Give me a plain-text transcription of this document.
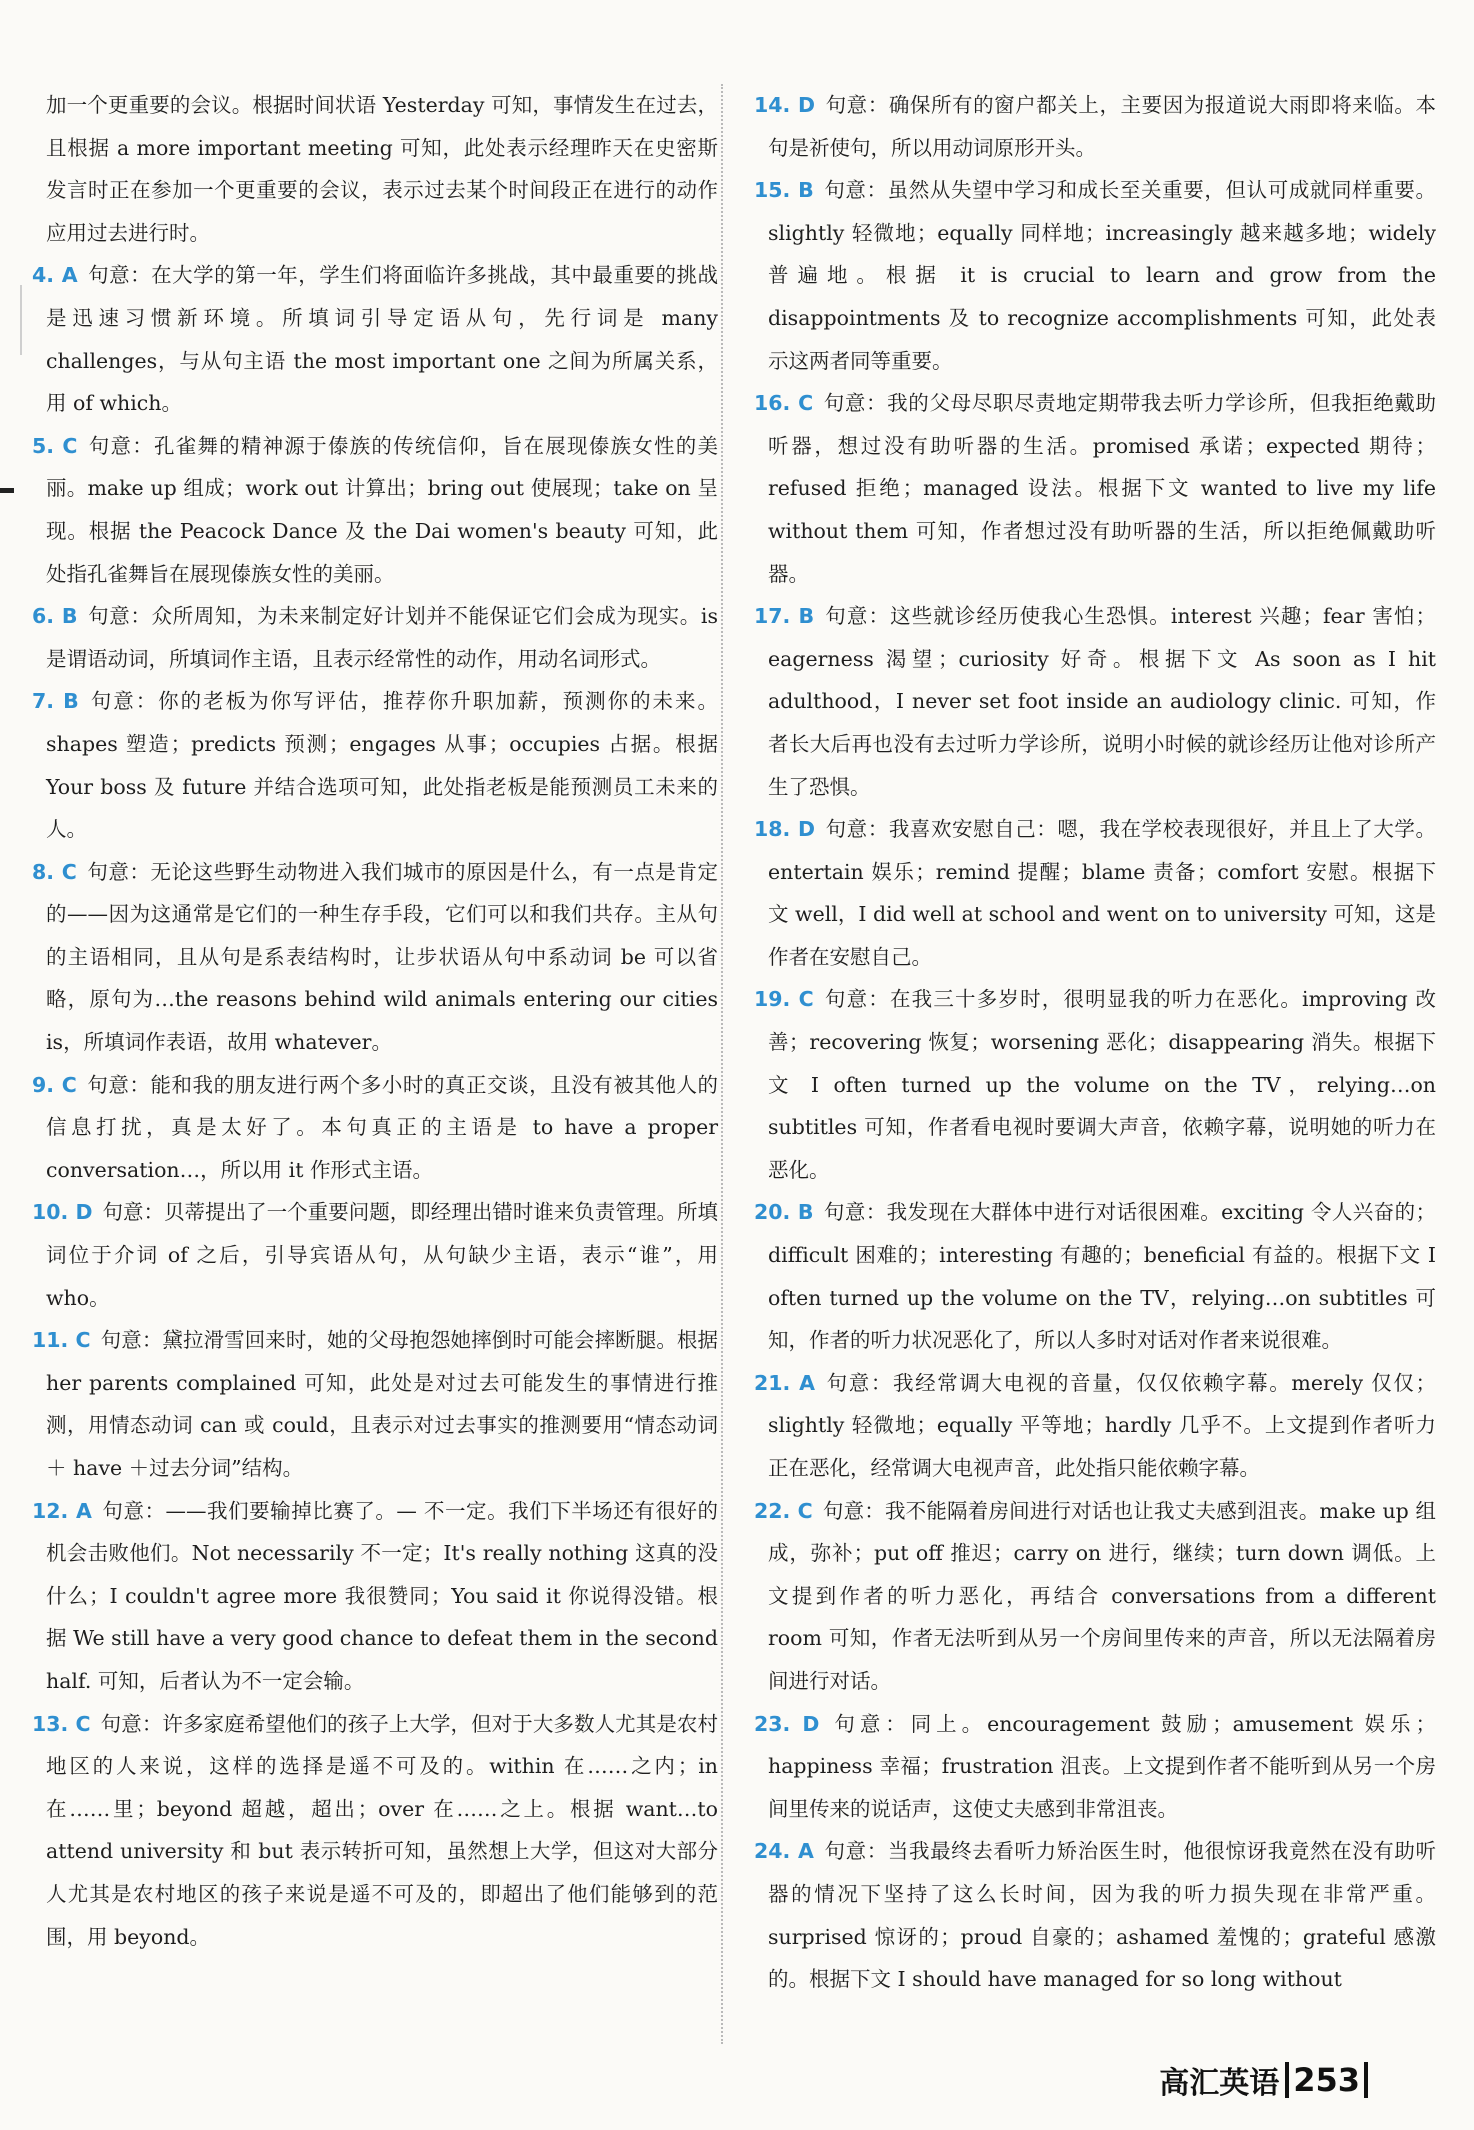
加一个更重要的会议。根据时间状语 Yesterday 可知，事情发生在过去，且根据 a more important meeting 可知，此处表示经理昨天在史密斯发言时正在参加一个更重要的会议，表示过去某个时间段正在进行的动作应用过去进行时。

4. A 句意：在大学的第一年，学生们将面临许多挑战，其中最重要的挑战是迅速习惯新环境。所填词引导定语从句，先行词是 many challenges，与从句主语 the most important one 之间为所属关系，用 of which。

5. C 句意：孔雀舞的精神源于傣族的传统信仰，旨在展现傣族女性的美丽。make up 组成；work out 计算出；bring out 使展现；take on 呈现。根据 the Peacock Dance 及 the Dai women's beauty 可知，此处指孔雀舞旨在展现傣族女性的美丽。

6. B 句意：众所周知，为未来制定好计划并不能保证它们会成为现实。is 是谓语动词，所填词作主语，且表示经常性的动作，用动名词形式。

7. B 句意：你的老板为你写评估，推荐你升职加薪，预测你的未来。shapes 塑造；predicts 预测；engages 从事；occupies 占据。根据 Your boss 及 future 并结合选项可知，此处指老板是能预测员工未来的人。

8. C 句意：无论这些野生动物进入我们城市的原因是什么，有一点是肯定的——因为这通常是它们的一种生存手段，它们可以和我们共存。主从句的主语相同，且从句是系表结构时，让步状语从句中系动词 be 可以省略，原句为…the reasons behind wild animals entering our cities is，所填词作表语，故用 whatever。

9. C 句意：能和我的朋友进行两个多小时的真正交谈，且没有被其他人的信息打扰，真是太好了。本句真正的主语是 to have a proper conversation…，所以用 it 作形式主语。

10. D 句意：贝蒂提出了一个重要问题，即经理出错时谁来负责管理。所填词位于介词 of 之后，引导宾语从句，从句缺少主语，表示“谁”，用 who。

11. C 句意：黛拉滑雪回来时，她的父母抱怨她摔倒时可能会摔断腿。根据 her parents complained 可知，此处是对过去可能发生的事情进行推测，用情态动词 can 或 could，且表示对过去事实的推测要用“情态动词＋ have ＋过去分词”结构。

12. A 句意：——我们要输掉比赛了。— 不一定。我们下半场还有很好的机会击败他们。Not necessarily 不一定；It's really nothing 这真的没什么；I couldn't agree more 我很赞同；You said it 你说得没错。根据 We still have a very good chance to defeat them in the second half. 可知，后者认为不一定会输。

13. C 句意：许多家庭希望他们的孩子上大学，但对于大多数人尤其是农村地区的人来说，这样的选择是遥不可及的。within 在……之内；in 在……里；beyond 超越，超出；over 在……之上。根据 want…to attend university 和 but 表示转折可知，虽然想上大学，但这对大部分人尤其是农村地区的孩子来说是遥不可及的，即超出了他们能够到的范围，用 beyond。

14. D 句意：确保所有的窗户都关上，主要因为报道说大雨即将来临。本句是祈使句，所以用动词原形开头。

15. B 句意：虽然从失望中学习和成长至关重要，但认可成就同样重要。slightly 轻微地；equally 同样地；increasingly 越来越多地；widely 普遍地。根据 it is crucial to learn and grow from the disappointments 及 to recognize accomplishments 可知，此处表示这两者同等重要。

16. C 句意：我的父母尽职尽责地定期带我去听力学诊所，但我拒绝戴助听器，想过没有助听器的生活。promised 承诺；expected 期待；refused 拒绝；managed 设法。根据下文 wanted to live my life without them 可知，作者想过没有助听器的生活，所以拒绝佩戴助听器。

17. B 句意：这些就诊经历使我心生恐惧。interest 兴趣；fear 害怕；eagerness 渴望；curiosity 好奇。根据下文 As soon as I hit adulthood，I never set foot inside an audiology clinic. 可知，作者长大后再也没有去过听力学诊所，说明小时候的就诊经历让他对诊所产生了恐惧。

18. D 句意：我喜欢安慰自己：嗯，我在学校表现很好，并且上了大学。entertain 娱乐；remind 提醒；blame 责备；comfort 安慰。根据下文 well，I did well at school and went on to university 可知，这是作者在安慰自己。

19. C 句意：在我三十多岁时，很明显我的听力在恶化。improving 改善；recovering 恢复；worsening 恶化；disappearing 消失。根据下文 I often turned up the volume on the TV，relying…on subtitles 可知，作者看电视时要调大声音，依赖字幕，说明她的听力在恶化。

20. B 句意：我发现在大群体中进行对话很困难。exciting 令人兴奋的；difficult 困难的；interesting 有趣的；beneficial 有益的。根据下文 I often turned up the volume on the TV，relying…on subtitles 可知，作者的听力状况恶化了，所以人多时对话对作者来说很难。

21. A 句意：我经常调大电视的音量，仅仅依赖字幕。merely 仅仅；slightly 轻微地；equally 平等地；hardly 几乎不。上文提到作者听力正在恶化，经常调大电视声音，此处指只能依赖字幕。

22. C 句意：我不能隔着房间进行对话也让我丈夫感到沮丧。make up 组成，弥补；put off 推迟；carry on 进行，继续；turn down 调低。上文提到作者的听力恶化，再结合 conversations from a different room 可知，作者无法听到从另一个房间里传来的声音，所以无法隔着房间进行对话。

23. D 句意：同上。encouragement 鼓励；amusement 娱乐；happiness 幸福；frustration 沮丧。上文提到作者不能听到从另一个房间里传来的说话声，这使丈夫感到非常沮丧。

24. A 句意：当我最终去看听力矫治医生时，他很惊讶我竟然在没有助听器的情况下坚持了这么长时间，因为我的听力损失现在非常严重。surprised 惊讶的；proud 自豪的；ashamed 羞愧的；grateful 感激的。根据下文 I should have managed for so long without

高汇英语 253
